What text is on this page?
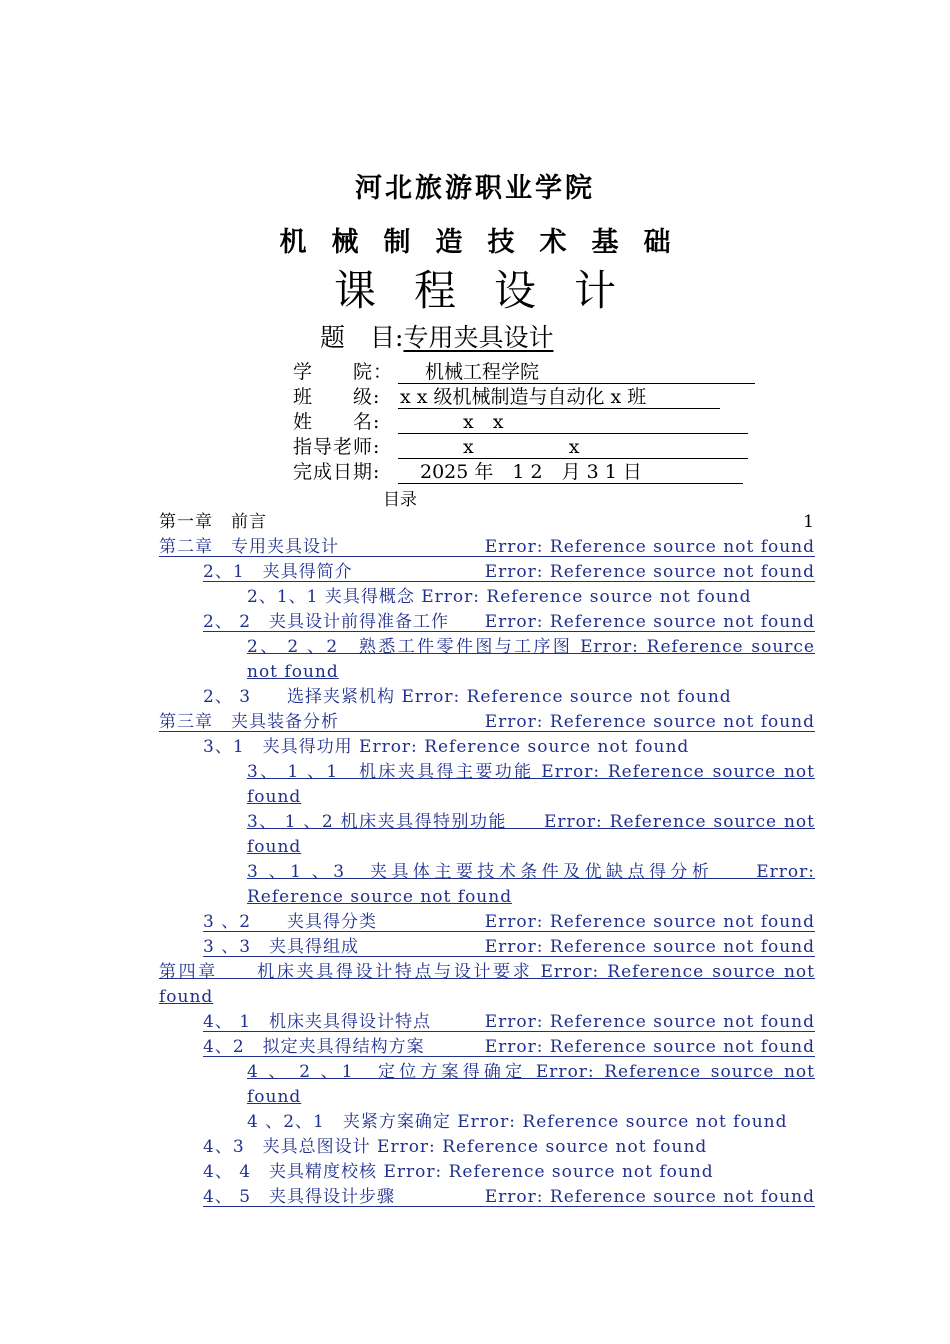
河北旅游职业学院
机械制造技术基础
课程设计
题　目:专用夹具设计
学　　院：　机械工程学院
班　　级: x x 级机械制造与自动化 x 班
姓　　名:　　　x　x
指导老师:　　　x　　　　　x
完成日期: 2025 年　1 2　月 3 1 日
目录
第一章　前言	1
第二章　专用夹具设计	Error: Reference source not found
2、1　夹具得简介	Error: Reference source not found
2、1、1 夹具得概念 Error: Reference source not found
2、 2　夹具设计前得准备工作 Error: Reference source not found
2、 2 、2　熟悉工件零件图与工序图 Error: Reference source not found
2、 3　　选择夹紧机构 Error: Reference source not found
第三章　夹具装备分析	Error: Reference source not found
3、1　夹具得功用 Error: Reference source not found
3、 1 、1　机床夹具得主要功能 Error: Reference source not found
3、 1 、2 机床夹具得特别功能　　Error: Reference source not found
3 、1 、3　夹具体主要技术条件及优缺点得分析　　Error: Reference source not found
3 、2　　夹具得分类	Error: Reference source not found
3 、3　夹具得组成	Error: Reference source not found
第四章　　机床夹具得设计特点与设计要求 Error: Reference source not found
4、 1　机床夹具得设计特点	Error: Reference source not found
4、2　拟定夹具得结构方案	Error: Reference source not found
4 、 2 、1　定位方案得确定 Error: Reference source not found
4 、2、1　夹紧方案确定 Error: Reference source not found
4、3　夹具总图设计 Error: Reference source not found
4、 4　夹具精度校核 Error: Reference source not found
4、 5　夹具得设计步骤	Error: Reference source not found
